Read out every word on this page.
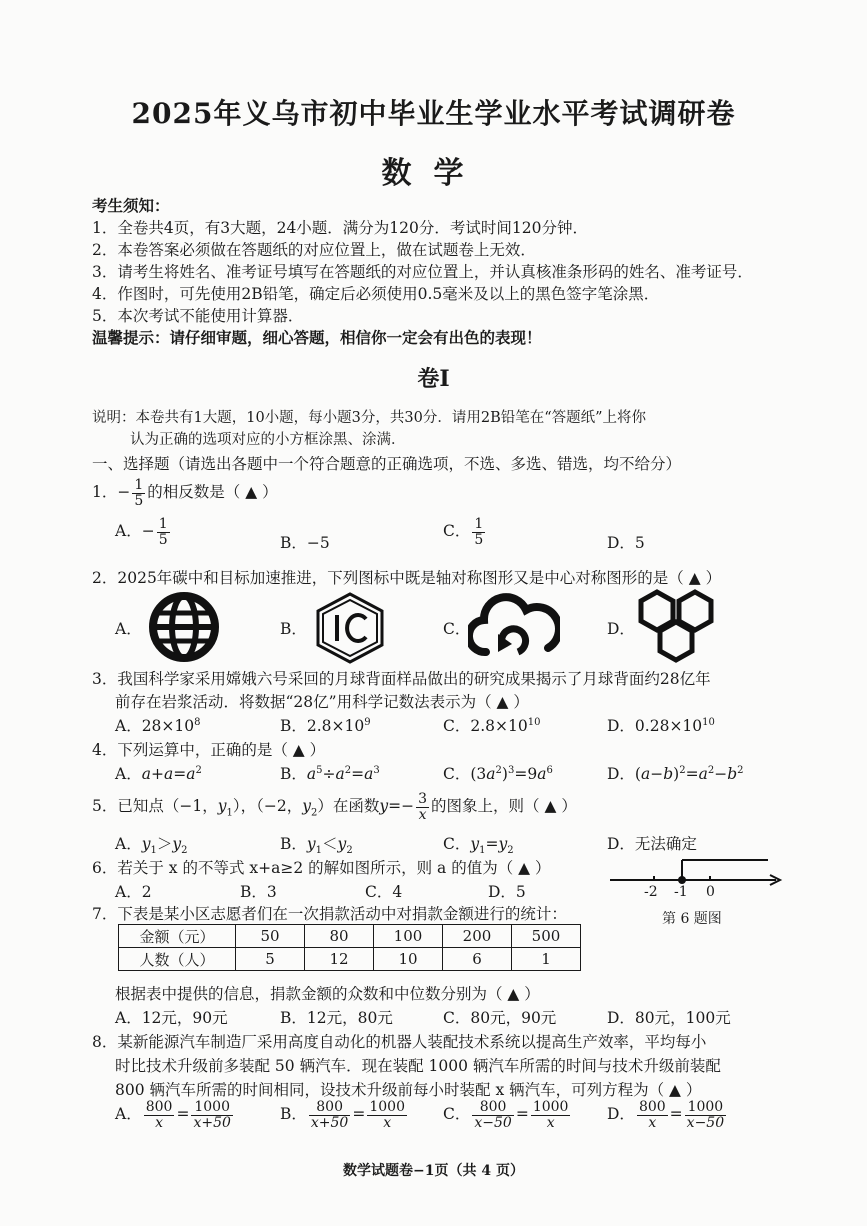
2025年义乌市初中毕业生学业水平考试调研卷
数学
考生须知：
1．全卷共4页，有3大题，24小题．满分为120分．考试时间120分钟．
2．本卷答案必须做在答题纸的对应位置上，做在试题卷上无效．
3．请考生将姓名、准考证号填写在答题纸的对应位置上，并认真核准条形码的姓名、准考证号．
4．作图时，可先使用2B铅笔，确定后必须使用0.5毫米及以上的黑色签字笔涂黑．
5．本次考试不能使用计算器．
温馨提示：请仔细审题，细心答题，相信你一定会有出色的表现！
卷Ⅰ
说明：本卷共有1大题，10小题，每小题3分，共30分．请用2B铅笔在“答题纸”上将你
认为正确的选项对应的小方框涂黑、涂满．
一、选择题（请选出各题中一个符合题意的正确选项，不选、多选、错选，均不给分）
1．− $\frac{1}{5}$ 的相反数是（ ▲ ）
A．− $\frac{1}{5}$	B．−5
C． $\frac{1}{5}$	D．5
2．2025年碳中和目标加速推进，下列图标中既是轴对称图形又是中心对称图形的是（ ▲ ）
A．	B．	C．	D．
3．我国科学家采用嫦娥六号采回的月球背面样品做出的研究成果揭示了月球背面约28亿年
前存在岩浆活动．将数据“28亿”用科学记数法表示为（ ▲ ）
A．$28\times 10^8$	B．$2.8\times 10^9$	C．$2.8\times 10^{10}$	D．$0.28\times 10^{10}$
4．下列运算中，正确的是（ ▲ ）
A．$a+a=a^2$	B．$a^5\div a^2=a^3$	C．$(3a^2)^3=9a^6$	D．$(a-b)^2=a^2-b^2$
5．已知点（−1，$y_1$），（−2，$y_2$）在函数$y=- \frac{3}{x}$ 的图象上，则（ ▲ ）
A．$y_1>y_2$	B．$y_1<y_2$	C．$y_1=y_2$	D．无法确定
6．若关于 x 的不等式 x+a≥2 的解如图所示，则 a 的值为（ ▲ ）
A．2	B．3	C．4	D．5	-2 -1 0
第 6 题图
7．下表是某小区志愿者们在一次捐款活动中对捐款金额进行的统计：
金额（元）	50	80	100	200	500
人数（人）	5	12	10	6	1
根据表中提供的信息，捐款金额的众数和中位数分别为（ ▲ ）
A．12元，90元	B．12元，80元	C．80元，90元	D．80元，100元
8．某新能源汽车制造厂采用高度自动化的机器人装配技术系统以提高生产效率，平均每小
时比技术升级前多装配 50 辆汽车．现在装配 1000 辆汽车所需的时间与技术升级前装配
800 辆汽车所需的时间相同，设技术升级前每小时装配 x 辆汽车，可列方程为（ ▲ ）
A． $\frac{800}{x} = \frac{1000}{x+50}$	B． $\frac{800}{x+50} = \frac{1000}{x}$ C． $\frac{800}{x-50} = \frac{1000}{x}$ D． $\frac{800}{x} = \frac{1000}{x-50}$
数学试题卷−1页（共 4 页）
